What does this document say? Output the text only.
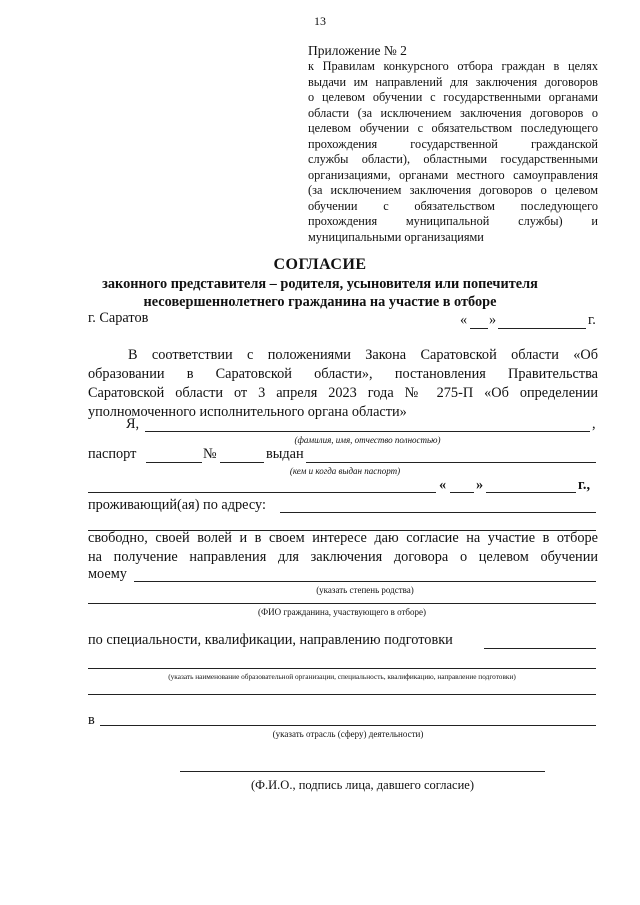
13
Приложение № 2
к Правилам конкурсного отбора граждан в целях
выдачи им направлений для заключения договоров
о целевом обучении с государственными органами
области (за исключением заключения договоров о
целевом обучении с обязательством последующего
прохождения государственной гражданской
службы области), областными государственными
организациями, органами местного самоуправления
(за исключением заключения договоров о целевом
обучении с обязательством последующего
прохождения муниципальной службы) и
муниципальными организациями
СОГЛАСИЕ
законного представителя – родителя, усыновителя или попечителя
несовершеннолетнего гражданина на участие в отборе
г. Саратов	« »	г.
В соответствии с положениями Закона Саратовской области «Об
образовании в Саратовской области», постановления Правительства
Саратовской области от 3 апреля 2023 года № 275-П «Об определении
уполномоченного исполнительного органа области»
Я,	,
(фамилия, имя, отчество полностью)
паспорт	№	выдан
(кем и когда выдан паспорт)
« »	г.,
проживающий(ая) по адресу:
свободно, своей волей и в своем интересе даю согласие на участие в отборе
на получение направления для заключения договора о целевом обучении
моему
(указать степень родства)
(ФИО гражданина, участвующего в отборе)
по специальности, квалификации, направлению подготовки
(указать наименование образовательной организации, специальность, квалификацию, направление подготовки)
в
(указать отрасль (сферу) деятельности)
(Ф.И.О., подпись лица, давшего согласие)
